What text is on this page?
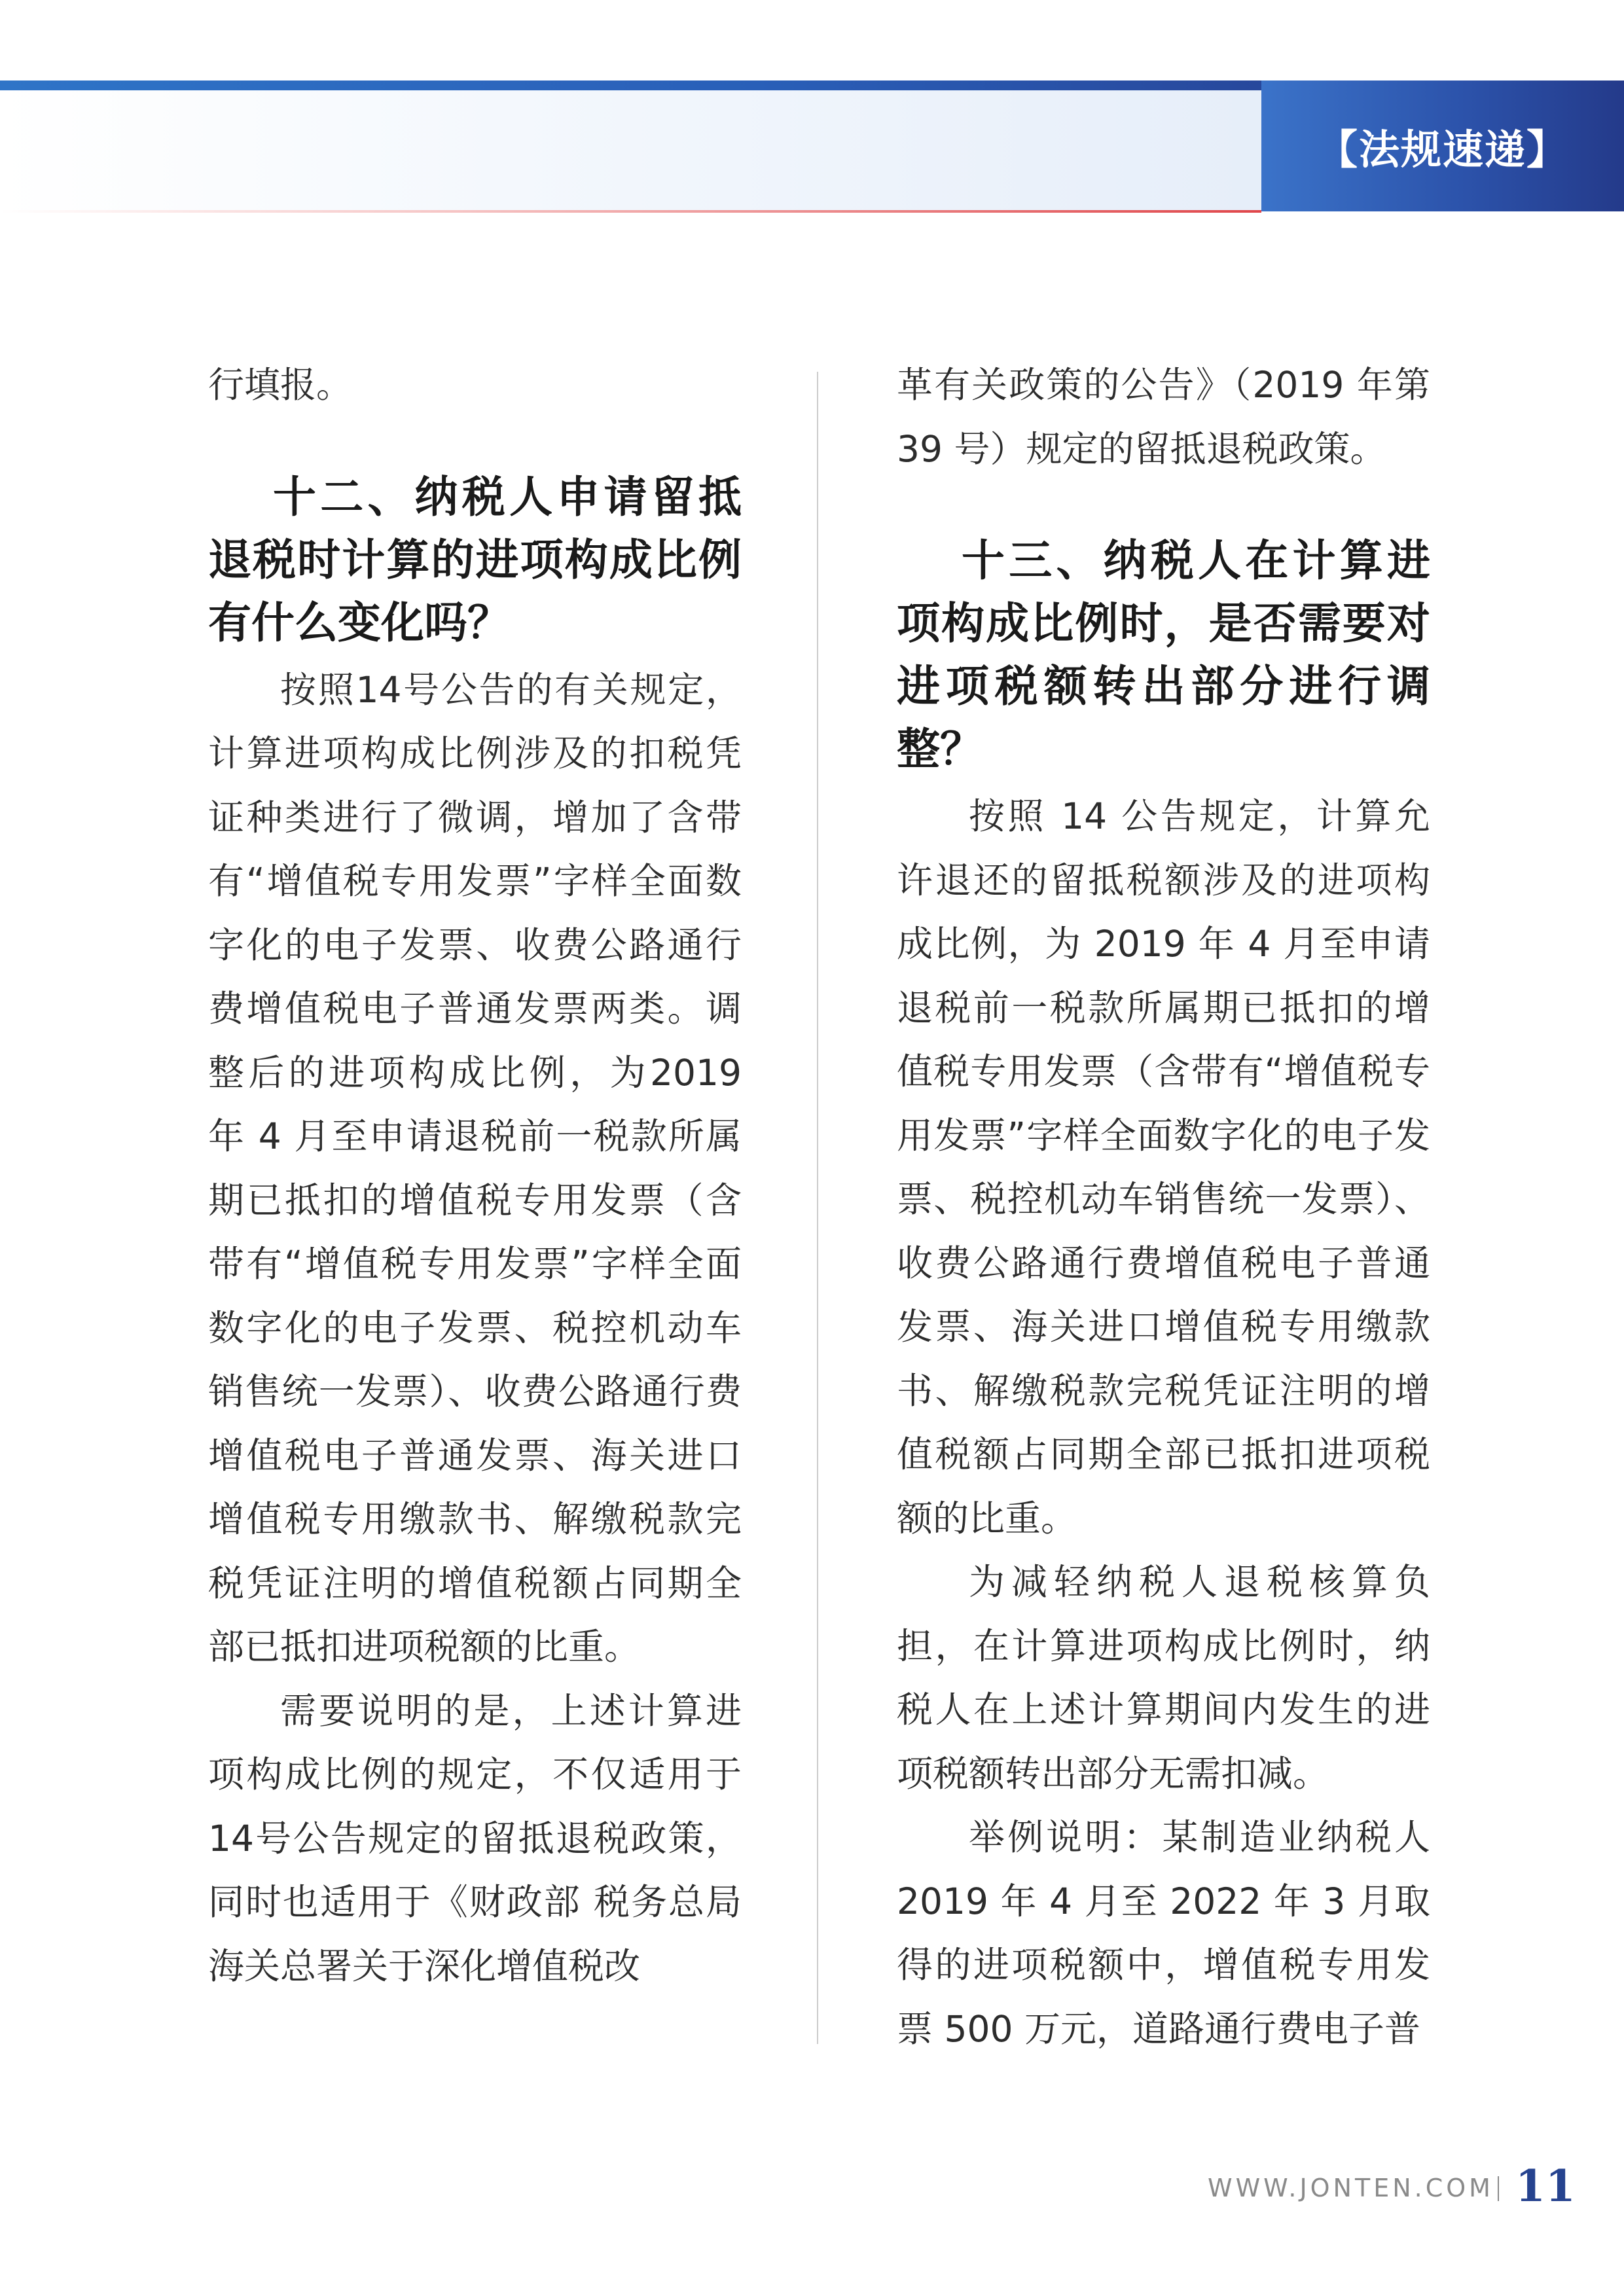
【法规速递】

行填报。

十二、纳税人申请留抵退税时计算的进项构成比例有什么变化吗？

按照14号公告的有关规定，计算进项构成比例涉及的扣税凭证种类进行了微调，增加了含带有“增值税专用发票”字样全面数字化的电子发票、收费公路通行费增值税电子普通发票两类。调整后的进项构成比例，为2019 年 4 月至申请退税前一税款所属期已抵扣的增值税专用发票（含带有“增值税专用发票”字样全面数字化的电子发票、税控机动车销售统一发票）、收费公路通行费增值税电子普通发票、海关进口增值税专用缴款书、解缴税款完税凭证注明的增值税额占同期全部已抵扣进项税额的比重。

需要说明的是，上述计算进项构成比例的规定，不仅适用于14号公告规定的留抵退税政策，同时也适用于《财政部 税务总局 海关总署关于深化增值税改

革有关政策的公告》（2019 年第 39 号）规定的留抵退税政策。

十三、纳税人在计算进项构成比例时，是否需要对进项税额转出部分进行调整？

按照 14 公告规定，计算允许退还的留抵税额涉及的进项构成比例，为 2019 年 4 月至申请退税前一税款所属期已抵扣的增值税专用发票（含带有“增值税专用发票”字样全面数字化的电子发票、税控机动车销售统一发票）、收费公路通行费增值税电子普通发票、海关进口增值税专用缴款书、解缴税款完税凭证注明的增值税额占同期全部已抵扣进项税额的比重。

为减轻纳税人退税核算负担，在计算进项构成比例时，纳税人在上述计算期间内发生的进项税额转出部分无需扣减。

举例说明：某制造业纳税人 2019 年 4 月至 2022 年 3 月取得的进项税额中，增值税专用发票 500 万元，道路通行费电子普

WWW.JONTEN.COM 11
